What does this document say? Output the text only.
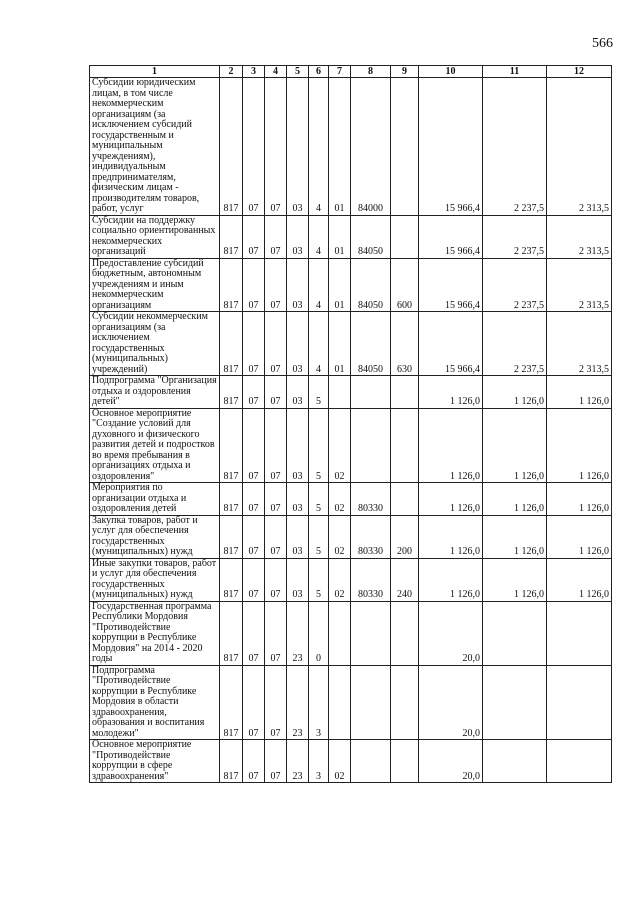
566
1	2	3	4	5	6	7	8	9	10	11	12
Субсидии юридическим лицам, в том числе некоммерческим организациям (за исключением субсидий государственным и муниципальным учреждениям), индивидуальным предпринимателям, физическим лицам - производителям товаров, работ, услуг	817	07	07	03	4	01	84000		15 966,4	2 237,5	2 313,5
Субсидии на поддержку социально ориентированных некоммерческих организаций	817	07	07	03	4	01	84050		15 966,4	2 237,5	2 313,5
Предоставление субсидий бюджетным, автономным учреждениям и иным некоммерческим организациям	817	07	07	03	4	01	84050	600	15 966,4	2 237,5	2 313,5
Субсидии некоммерческим организациям (за исключением государственных (муниципальных) учреждений)	817	07	07	03	4	01	84050	630	15 966,4	2 237,5	2 313,5
Подпрограмма "Организация отдыха и оздоровления детей"	817	07	07	03	5				1 126,0	1 126,0	1 126,0
Основное мероприятие "Создание условий для духовного и физического развития детей и подростков во время пребывания в организациях отдыха и оздоровления"	817	07	07	03	5	02			1 126,0	1 126,0	1 126,0
Мероприятия по организации отдыха и оздоровления детей	817	07	07	03	5	02	80330		1 126,0	1 126,0	1 126,0
Закупка товаров, работ и услуг для обеспечения государственных (муниципальных) нужд	817	07	07	03	5	02	80330	200	1 126,0	1 126,0	1 126,0
Иные закупки товаров, работ и услуг для обеспечения государственных (муниципальных) нужд	817	07	07	03	5	02	80330	240	1 126,0	1 126,0	1 126,0
Государственная программа Республики Мордовия "Противодействие коррупции в Республике Мордовия" на 2014 - 2020 годы	817	07	07	23	0				20,0		
Подпрограмма "Противодействие коррупции в Республике Мордовия в области здравоохранения, образования и воспитания молодежи"	817	07	07	23	3				20,0		
Основное мероприятие "Противодействие коррупции в сфере здравоохранения"	817	07	07	23	3	02			20,0		
